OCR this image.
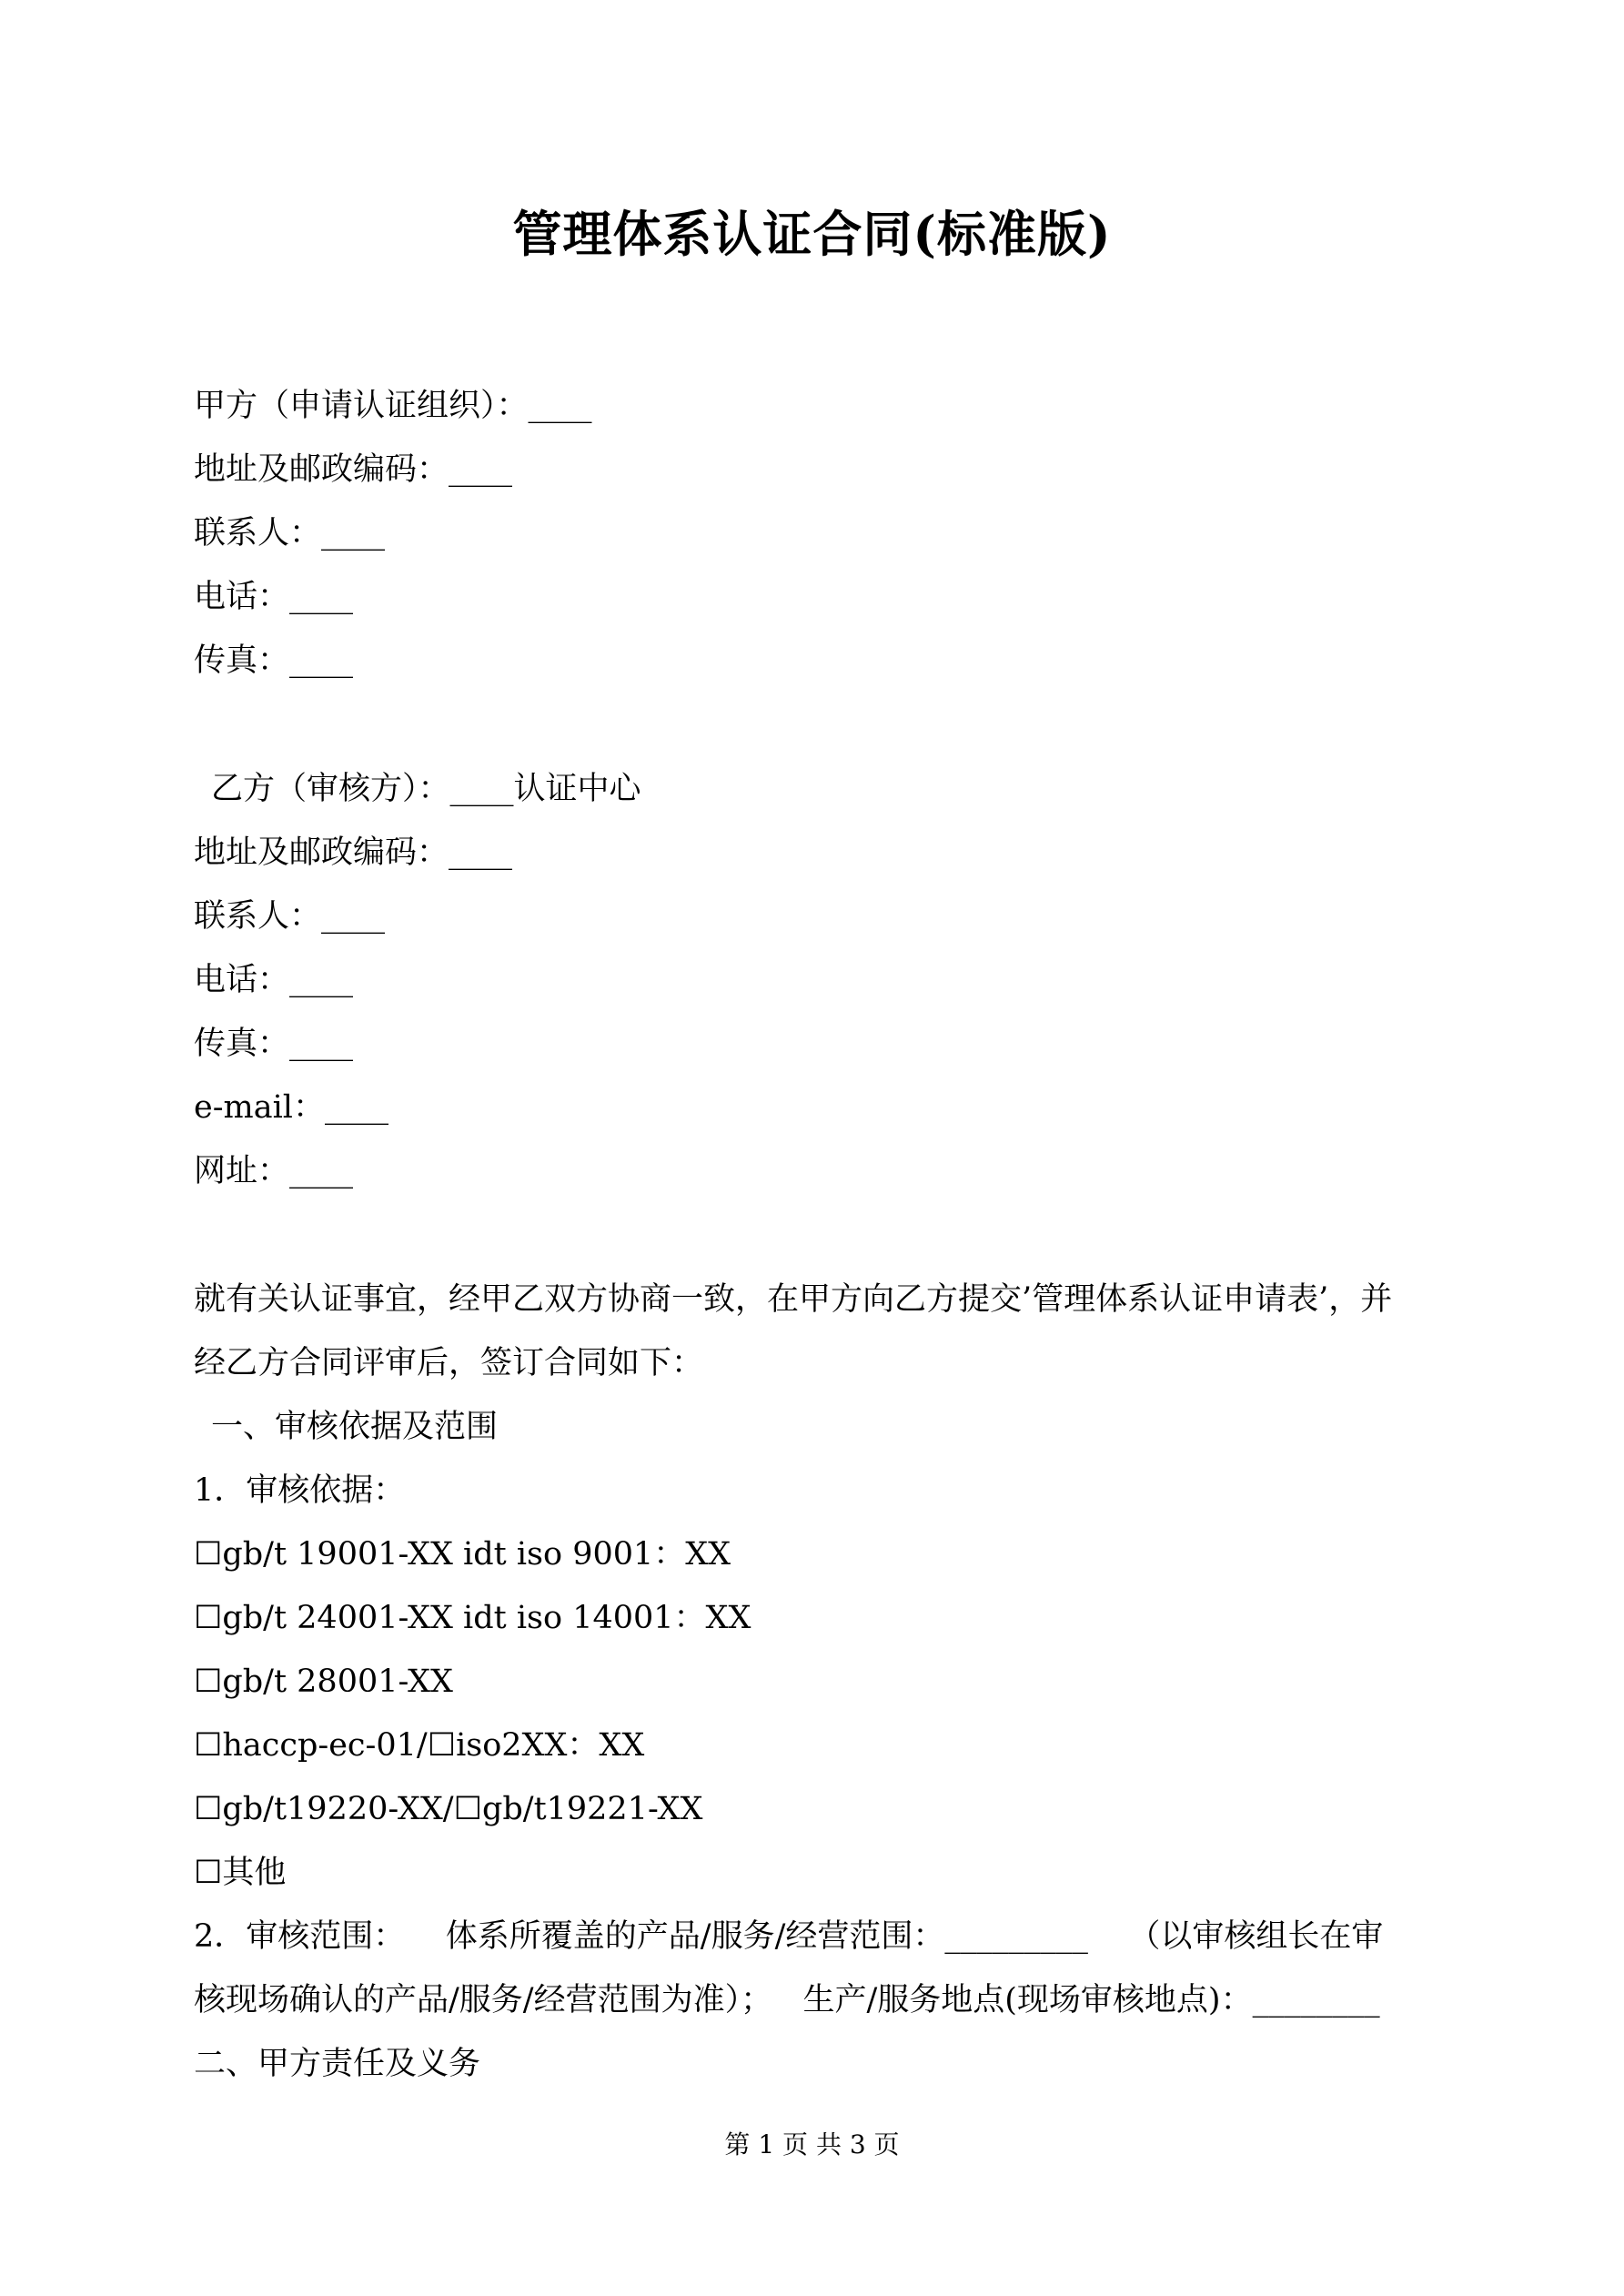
管理体系认证合同(标准版)
甲方（申请认证组织）：____
地址及邮政编码：____
联系人：____
电话：____
传真：____
乙方（审核方）：____认证中心
地址及邮政编码：____
联系人：____
电话：____
传真：____
e-mail：____
网址：____
就有关认证事宜，经甲乙双方协商一致，在甲方向乙方提交’管理体系认证申请表’，并
经乙方合同评审后，签订合同如下：
一、审核依据及范围
1．审核依据：
☐gb/t 19001-XX idt iso 9001：XX
☐gb/t 24001-XX idt iso 14001：XX
☐gb/t 28001-XX
☐haccp-ec-01/☐iso2XX：XX
☐gb/t19220-XX/☐gb/t19221-XX
☐其他
2．审核范围：    体系所覆盖的产品/服务/经营范围：_________    （以审核组长在审
核现场确认的产品/服务/经营范围为准）；   生产/服务地点(现场审核地点)：________
二、甲方责任及义务
第 1 页 共 3 页
